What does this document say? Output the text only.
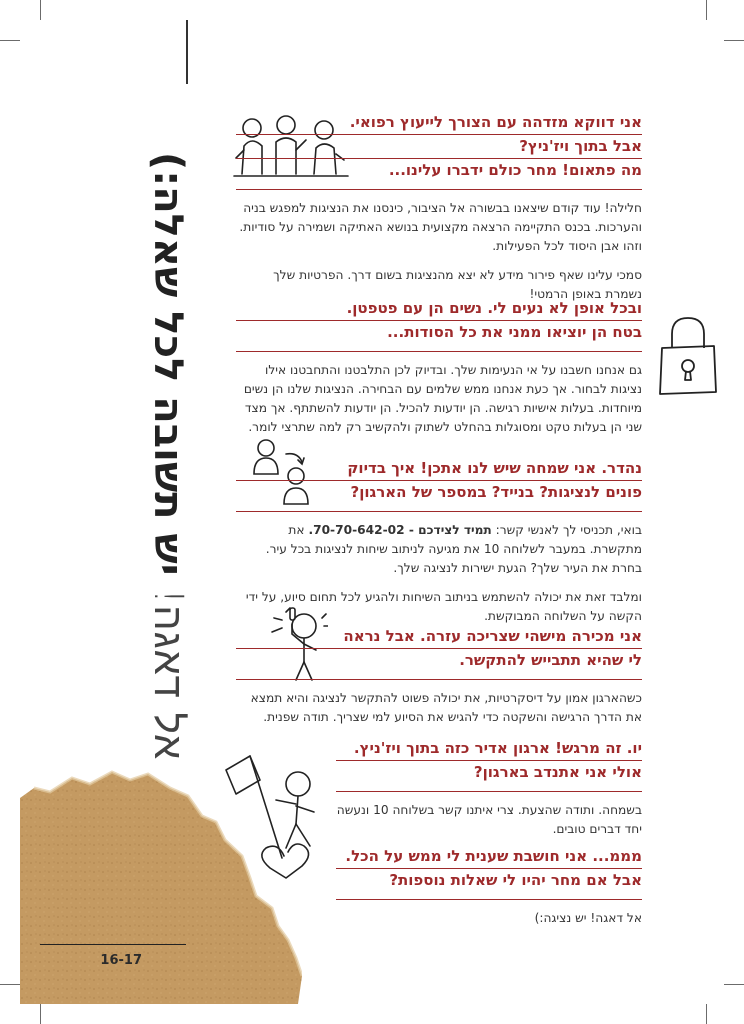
16-17
אל דאגה! יש תשובה לכל שאלה:)
אני דווקא מזדהה עם הצורך לייעוץ רפואי.
אבל בתוך ויז'ניץ?
מה פתאום! מחר כולם ידברו עלינו...

חלילה! עוד קודם שיצאנו בבשורה אל הציבור, כינסנו את הנציגות למפגש בניה והערכות. בכנס התקיימה הרצאה מקצועית בנושא האתיקה ושמירה על סודיות. וזהו אבן היסוד לכל הפעילות.

סמכי עלינו שאף פירור מידע לא יצא מהנציגות בשום דרך. הפרטיות שלך נשמרת באופן הרמטי!

ובכל אופן לא נעים לי. נשים הן עם פטפטן.
בטח הן יוציאו ממני את כל הסודות...

גם אנחנו חשבנו על אי הנעימות שלך. ובדיוק לכן התלבטנו והתחבטנו אילו נציגות לבחור. אך כעת אנחנו ממש שלמים עם הבחירה. הנציגות שלנו הן נשים מיוחדות. בעלות אישיות רגישה. הן יודעות להכיל. הן יודעות להשתתף. אך מצד שני הן בעלות טקט ומסוגלות בהחלט לשתוק ולהקשיב רק למה שתרצי לומר.

נהדר. אני שמחה שיש לנו אתכן! איך בדיוק
פונים לנציגות? בנייד? במספר של הארגון?

בואי, תכניסי לך לאנשי קשר: תמיד לצידכם - 70-70-642-02. את מתקשרת. במעבר לשלוחה 10 את מגיעה לניתוב שיחות לנציגות בכל עיר. בחרת את העיר שלך? הגעת ישירות לנציגה שלך.

ומלבד זאת את יכולה להשתמש בניתוב השיחות ולהגיע לכל תחום סיוע, על ידי הקשה על השלוחה המבוקשת.

אני מכירה מישהי שצריכה עזרה. אבל נראה
לי שהיא תתבייש להתקשר.

כשהארגון אמון על דיסקרטיות, את יכולה פשוט להתקשר לנציגה והיא תמצא את הדרך הרגישה והשקטה כדי להגיש את הסיוע למי שצריך. תודה שפנית.

יו. זה מרגש! ארגון אדיר כזה בתוך ויז'ניץ.
אולי אני אתנדב בארגון?

בשמחה. ותודה שהצעת. צרי איתנו קשר בשלוחה 10 ונעשה יחד דברים טובים.

מממ... אני חושבת שענית לי ממש על הכל.
אבל אם מחר יהיו לי שאלות נוספות?

אל דאגה! יש נציגה:)
